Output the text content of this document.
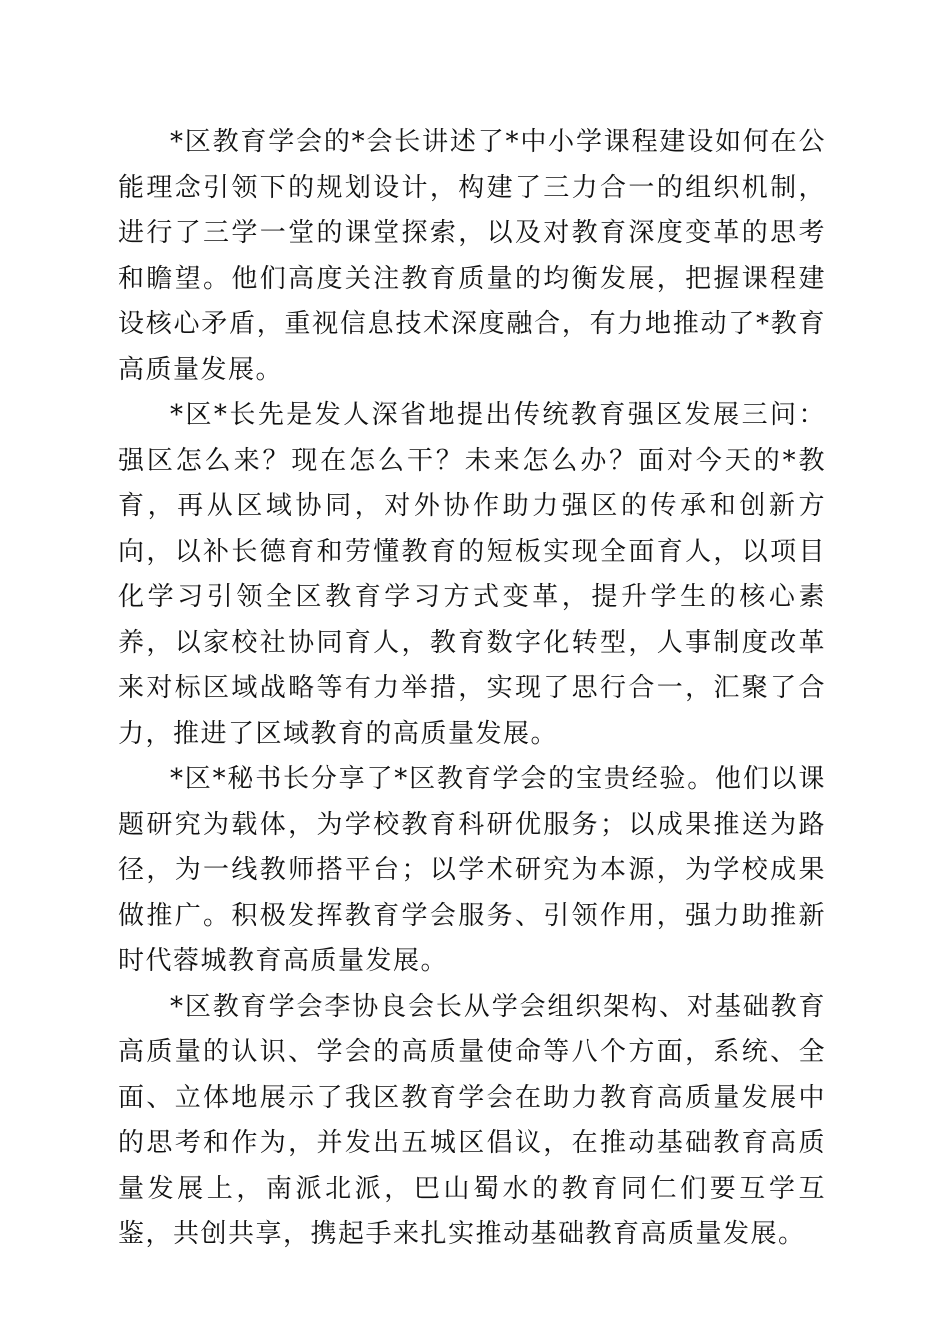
*区教育学会的*会长讲述了*中小学课程建设如何在公能理念引领下的规划设计，构建了三力合一的组织机制，进行了三学一堂的课堂探索，以及对教育深度变革的思考和瞻望。他们高度关注教育质量的均衡发展，把握课程建设核心矛盾，重视信息技术深度融合，有力地推动了*教育高质量发展。

*区*长先是发人深省地提出传统教育强区发展三问：强区怎么来？现在怎么干？未来怎么办？面对今天的*教育，再从区域协同，对外协作助力强区的传承和创新方向，以补长德育和劳懂教育的短板实现全面育人，以项目化学习引领全区教育学习方式变革，提升学生的核心素养，以家校社协同育人，教育数字化转型，人事制度改革来对标区域战略等有力举措，实现了思行合一，汇聚了合力，推进了区域教育的高质量发展。

*区*秘书长分享了*区教育学会的宝贵经验。他们以课题研究为载体，为学校教育科研优服务；以成果推送为路径，为一线教师搭平台；以学术研究为本源，为学校成果做推广。积极发挥教育学会服务、引领作用，强力助推新时代蓉城教育高质量发展。

*区教育学会李协良会长从学会组织架构、对基础教育高质量的认识、学会的高质量使命等八个方面，系统、全面、立体地展示了我区教育学会在助力教育高质量发展中的思考和作为，并发出五城区倡议，在推动基础教育高质量发展上，南派北派，巴山蜀水的教育同仁们要互学互鉴，共创共享，携起手来扎实推动基础教育高质量发展。
